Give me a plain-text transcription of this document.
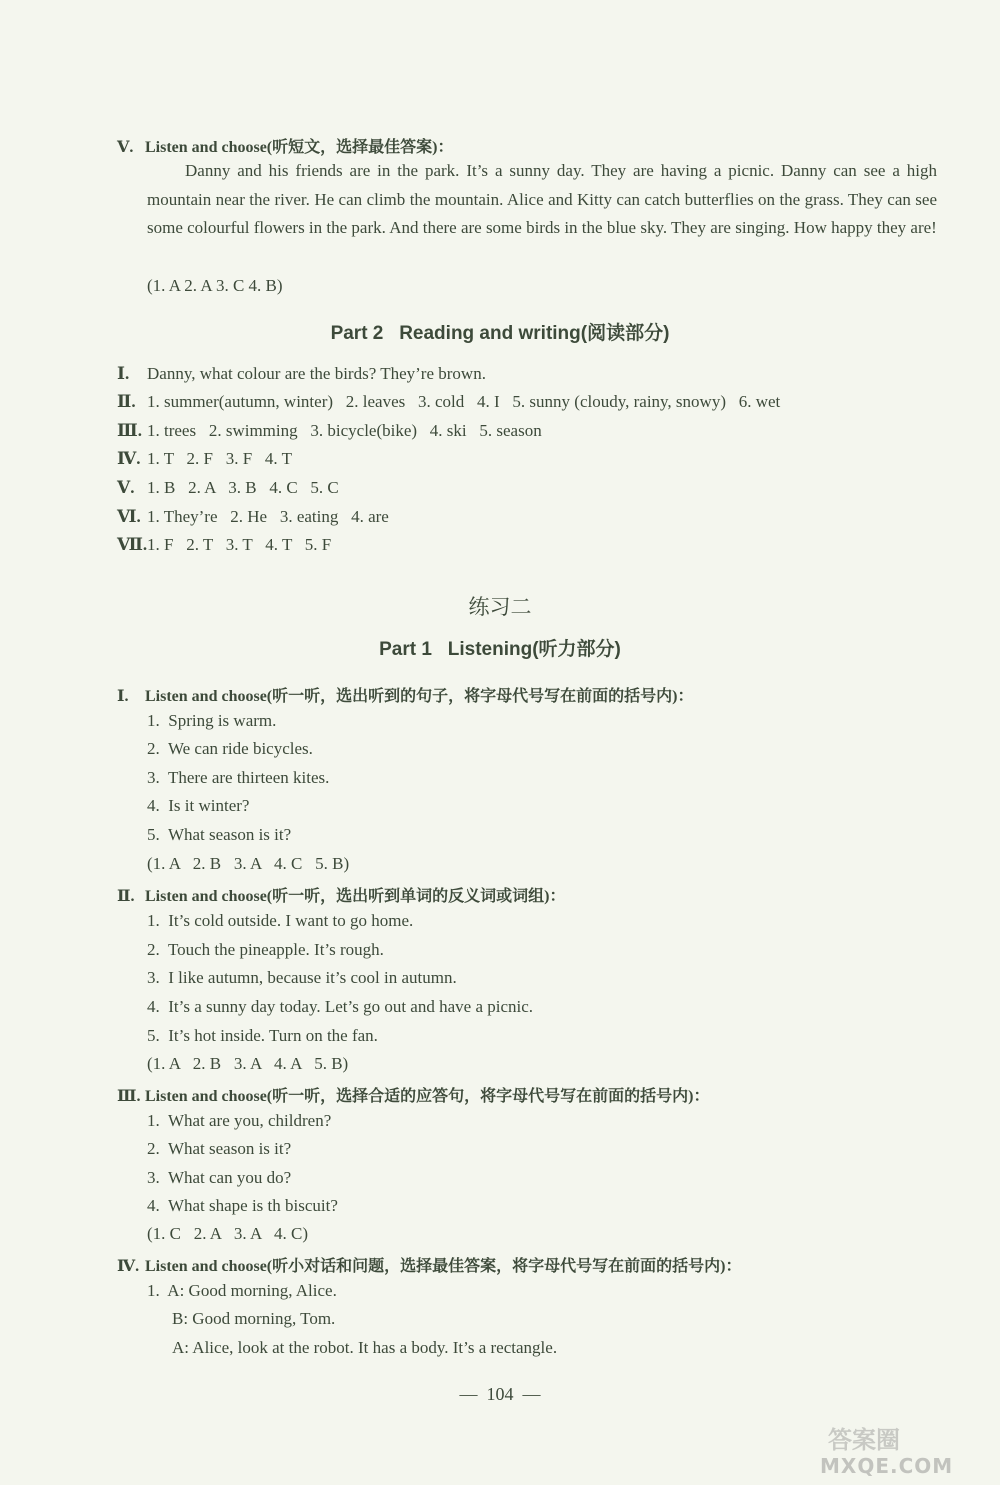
Ⅴ. Listen and choose(听短文，选择最佳答案)：
Danny and his friends are in the park. It’s a sunny day. They are having a picnic. Danny can see a high mountain near the river. He can climb the mountain. Alice and Kitty can catch butterflies on the grass. They can see some colourful flowers in the park. And there are some birds in the blue sky. They are singing. How happy they are!
(1. A 2. A 3. C 4. B)
Part 2   Reading and writing(阅读部分)
Ⅰ. Danny, what colour are the birds? They’re brown.
Ⅱ. 1. summer(autumn, winter)   2. leaves   3. cold   4. I   5. sunny (cloudy, rainy, snowy)   6. wet
Ⅲ. 1. trees   2. swimming   3. bicycle(bike)   4. ski   5. season
Ⅳ. 1. T   2. F   3. F   4. T
Ⅴ. 1. B   2. A   3. B   4. C   5. C
Ⅵ. 1. They’re   2. He   3. eating   4. are
Ⅶ.1. F   2. T   3. T   4. T   5. F
练习二
Part 1   Listening(听力部分)
Ⅰ. Listen and choose(听一听，选出听到的句子，将字母代号写在前面的括号内)：
1.  Spring is warm.
2.  We can ride bicycles.
3.  There are thirteen kites.
4.  Is it winter?
5.  What season is it?
(1. A   2. B   3. A   4. C   5. B)
Ⅱ. Listen and choose(听一听，选出听到单词的反义词或词组)：
1.  It’s cold outside. I want to go home.
2.  Touch the pineapple. It’s rough.
3.  I like autumn, because it’s cool in autumn.
4.  It’s a sunny day today. Let’s go out and have a picnic.
5.  It’s hot inside. Turn on the fan.
(1. A   2. B   3. A   4. A   5. B)
Ⅲ. Listen and choose(听一听，选择合适的应答句，将字母代号写在前面的括号内)：
1.  What are you, children?
2.  What season is it?
3.  What can you do?
4.  What shape is th biscuit?
(1. C   2. A   3. A   4. C)
Ⅳ. Listen and choose(听小对话和问题，选择最佳答案，将字母代号写在前面的括号内)：
1.  A: Good morning, Alice.
B: Good morning, Tom.
A: Alice, look at the robot. It has a body. It’s a rectangle.
—  104  —
答案圈
MXQE.COM
